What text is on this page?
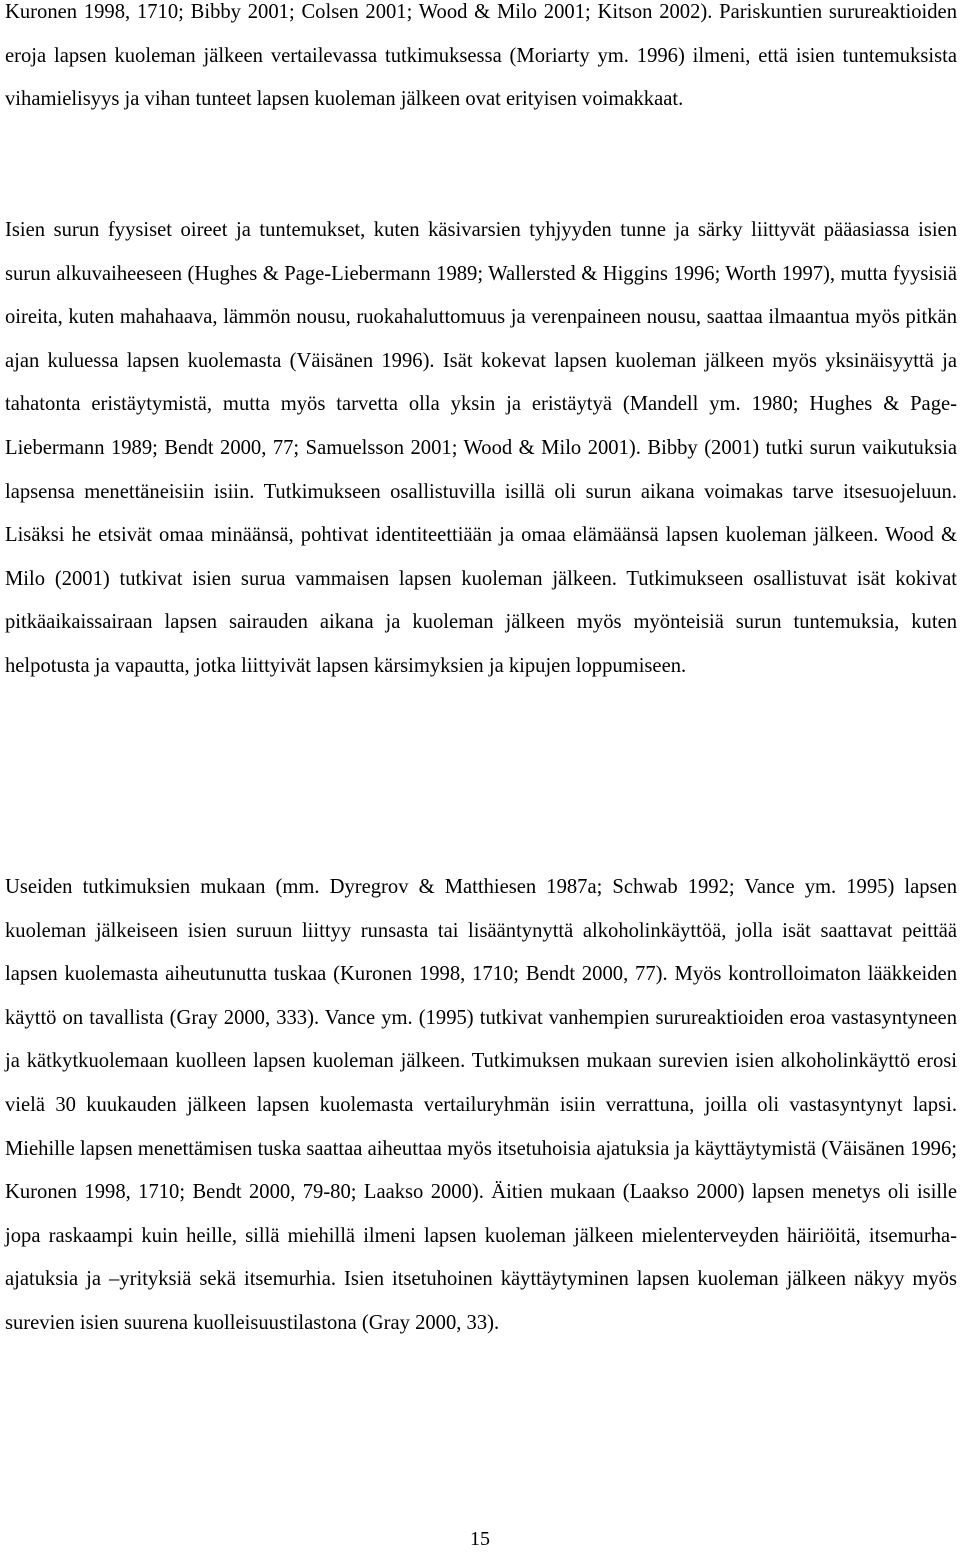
Kuronen 1998, 1710; Bibby 2001; Colsen 2001; Wood & Milo 2001; Kitson 2002). Pariskuntien surureaktioiden eroja lapsen kuoleman jälkeen vertailevassa tutkimuksessa (Moriarty ym. 1996) ilmeni, että isien tuntemuksista vihamielisyys ja vihan tunteet lapsen kuoleman jälkeen ovat erityisen voimakkaat.

Isien surun fyysiset oireet ja tuntemukset, kuten käsivarsien tyhjyyden tunne ja särky liittyvät pääasiassa isien surun alkuvaiheeseen (Hughes & Page-Liebermann 1989; Wallersted & Higgins 1996; Worth 1997), mutta fyysisiä oireita, kuten mahahaava, lämmön nousu, ruokahaluttomuus ja verenpaineen nousu, saattaa ilmaantua myös pitkän ajan kuluessa lapsen kuolemasta (Väisänen 1996). Isät kokevat lapsen kuoleman jälkeen myös yksinäisyyttä ja tahatonta eristäytymistä, mutta myös tarvetta olla yksin ja eristäytyä (Mandell ym. 1980; Hughes & Page-Liebermann 1989; Bendt 2000, 77; Samuelsson 2001; Wood & Milo 2001). Bibby (2001) tutki surun vaikutuksia lapsensa menettäneisiin isiin. Tutkimukseen osallistuvilla isillä oli surun aikana voimakas tarve itsesuojeluun. Lisäksi he etsivät omaa minäänsä, pohtivat identiteettiään ja omaa elämäänsä lapsen kuoleman jälkeen. Wood & Milo (2001) tutkivat isien surua vammaisen lapsen kuoleman jälkeen. Tutkimukseen osallistuvat isät kokivat pitkäaikaissairaan lapsen sairauden aikana ja kuoleman jälkeen myös myönteisiä surun tuntemuksia, kuten helpotusta ja vapautta, jotka liittyivät lapsen kärsimyksien ja kipujen loppumiseen.

Useiden tutkimuksien mukaan (mm. Dyregrov & Matthiesen 1987a; Schwab 1992; Vance ym. 1995) lapsen kuoleman jälkeiseen isien suruun liittyy runsasta tai lisääntynyttä alkoholinkäyttöä, jolla isät saattavat peittää lapsen kuolemasta aiheutunutta tuskaa (Kuronen 1998, 1710; Bendt 2000, 77). Myös kontrolloimaton lääkkeiden käyttö on tavallista (Gray 2000, 333). Vance ym. (1995) tutkivat vanhempien surureaktioiden eroa vastasyntyneen ja kätkytkuolemaan kuolleen lapsen kuoleman jälkeen. Tutkimuksen mukaan surevien isien alkoholinkäyttö erosi vielä 30 kuukauden jälkeen lapsen kuolemasta vertailuryhmän isiin verrattuna, joilla oli vastasyntynyt lapsi. Miehille lapsen menettämisen tuska saattaa aiheuttaa myös itsetuhoisia ajatuksia ja käyttäytymistä (Väisänen 1996; Kuronen 1998, 1710; Bendt 2000, 79-80; Laakso 2000). Äitien mukaan (Laakso 2000) lapsen menetys oli isille jopa raskaampi kuin heille, sillä miehillä ilmeni lapsen kuoleman jälkeen mielenterveyden häiriöitä, itsemurha-ajatuksia ja –yrityksiä sekä itsemurhia. Isien itsetuhoinen käyttäytyminen lapsen kuoleman jälkeen näkyy myös surevien isien suurena kuolleisuustilastona (Gray 2000, 33).

15
